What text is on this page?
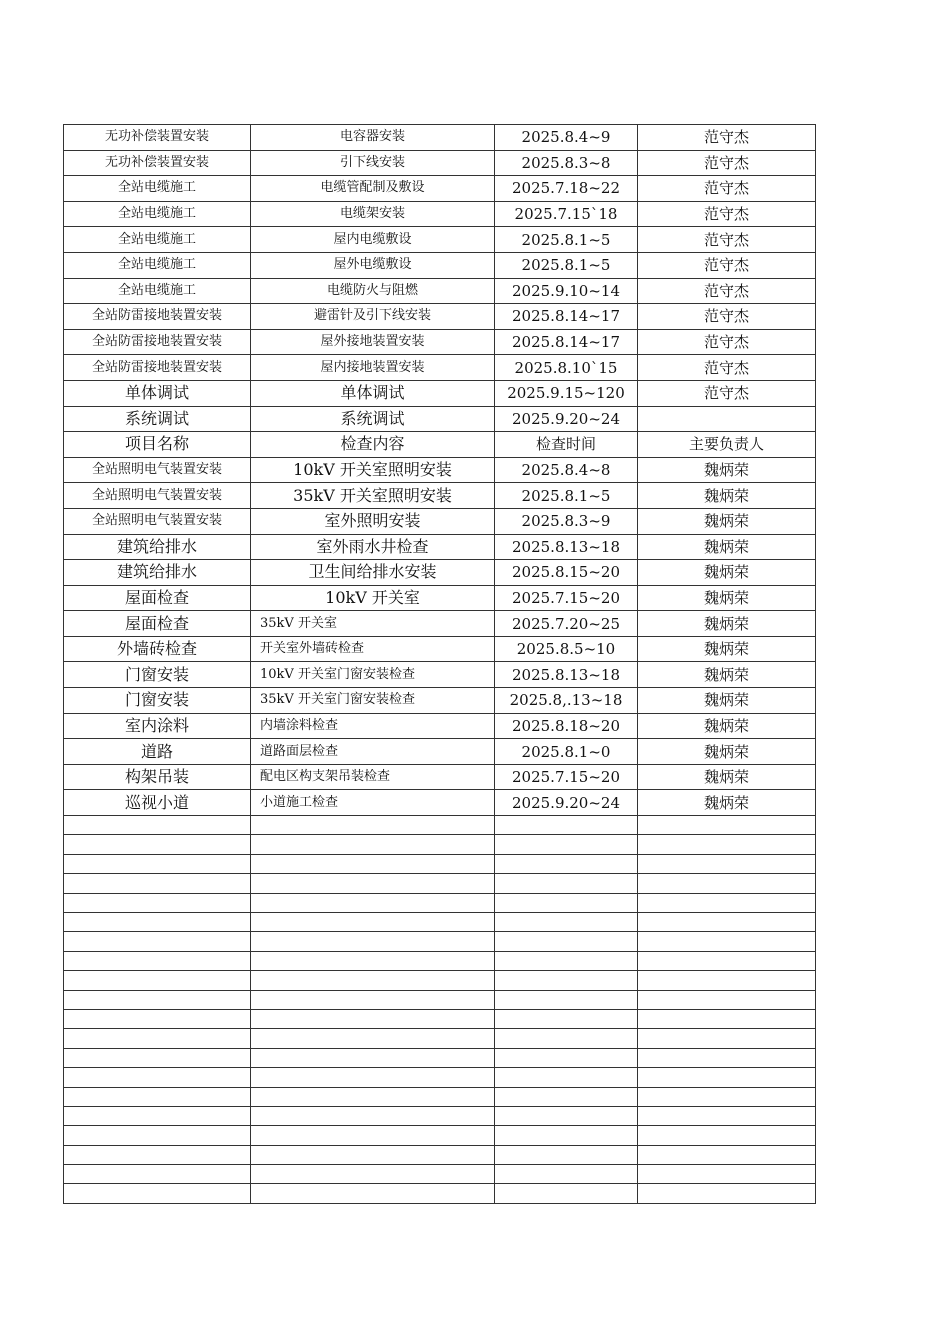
无功补偿装置安装	电容器安装	2025.8.4~9	范守杰
无功补偿装置安装	引下线安装	2025.8.3~8	范守杰
全站电缆施工	电缆管配制及敷设	2025.7.18~22	范守杰
全站电缆施工	电缆架安装	2025.7.15`18	范守杰
全站电缆施工	屋内电缆敷设	2025.8.1~5	范守杰
全站电缆施工	屋外电缆敷设	2025.8.1~5	范守杰
全站电缆施工	电缆防火与阻燃	2025.9.10~14	范守杰
全站防雷接地装置安装	避雷针及引下线安装	2025.8.14~17	范守杰
全站防雷接地装置安装	屋外接地装置安装	2025.8.14~17	范守杰
全站防雷接地装置安装	屋内接地装置安装	2025.8.10`15	范守杰
单体调试	单体调试	2025.9.15~120	范守杰
系统调试	系统调试	2025.9.20~24	
项目名称	检查内容	检查时间	主要负责人
全站照明电气装置安装	10kV 开关室照明安装	2025.8.4~8	魏炳荣
全站照明电气装置安装	35kV 开关室照明安装	2025.8.1~5	魏炳荣
全站照明电气装置安装	室外照明安装	2025.8.3~9	魏炳荣
建筑给排水	室外雨水井检查	2025.8.13~18	魏炳荣
建筑给排水	卫生间给排水安装	2025.8.15~20	魏炳荣
屋面检查	10kV 开关室	2025.7.15~20	魏炳荣
屋面检查	35kV 开关室	2025.7.20~25	魏炳荣
外墙砖检查	开关室外墙砖检查	2025.8.5~10	魏炳荣
门窗安装	10kV 开关室门窗安装检查	2025.8.13~18	魏炳荣
门窗安装	35kV 开关室门窗安装检查	2025.8,.13~18	魏炳荣
室内涂料	内墙涂料检查	2025.8.18~20	魏炳荣
道路	道路面层检查	2025.8.1~0	魏炳荣
构架吊装	配电区构支架吊装检查	2025.7.15~20	魏炳荣
巡视小道	小道施工检查	2025.9.20~24	魏炳荣
